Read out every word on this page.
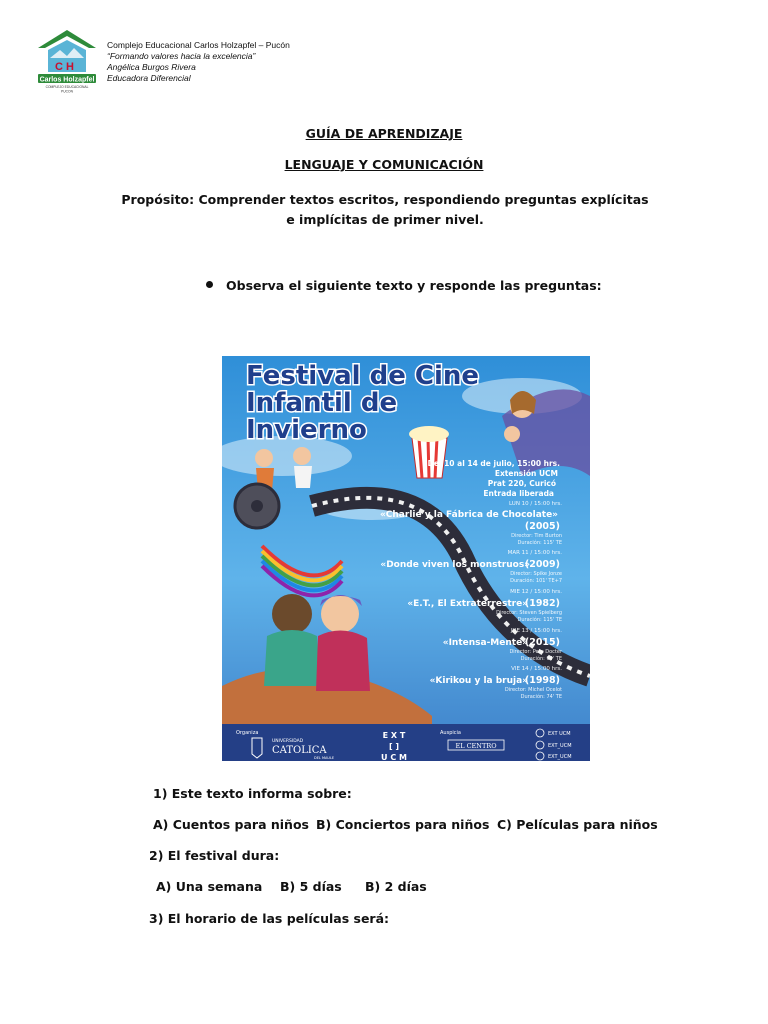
C H
Carlos Holzapfel
COMPLEJO EDUCACIONAL
PUCON
Complejo Educacional Carlos Holzapfel – Pucón
“Formando valores hacia la excelencia”
Angélica Burgos Rivera
Educadora Diferencial
GUÍA DE APRENDIZAJE
LENGUAJE Y COMUNICACIÓN
Propósito: Comprender textos escritos, respondiendo preguntas explícitas e implícitas de primer nivel.
Observa el siguiente texto y responde las preguntas:
Festival de Cine
Infantil de
Invierno
Del 10 al 14 de julio, 15:00 hrs.
Extensión UCM
Prat 220, Curicó
Entrada liberada
LUN 10 / 15:00 hrs.
«Charlie y la Fábrica de Chocolate»
(2005)
Director: Tim Burton
Duración: 115' TE
MAR 11 / 15:00 hrs.
«Donde viven los monstruos»
(2009)
Director: Spike Jonze
Duración: 101' TE+7
MIE 12 / 15:00 hrs.
«E.T., El Extraterrestre»
(1982)
Director: Steven Spielberg
Duración: 115' TE
JUE 13 / 15:00 hrs.
«Intensa-Mente»
(2015)
Director: Pete Docter
Duración: 94' TE
VIE 14 / 15:00 hrs.
«Kirikou y la bruja»
(1998)
Director: Michel Ocelot
Duración: 74' TE
Organiza
UNIVERSIDAD
CATOLICA
DEL MAULE
E X T
[ ]
U C M
Auspicia
EL CENTRO
EXT UCM
EXT_UCM
EXT_UCM
1) Este texto informa sobre:
A) Cuentos para niños B) Conciertos para niños C) Películas para niños
2) El festival dura:
A) Una semana B) 5 días B) 2 días
3) El horario de las películas será:
